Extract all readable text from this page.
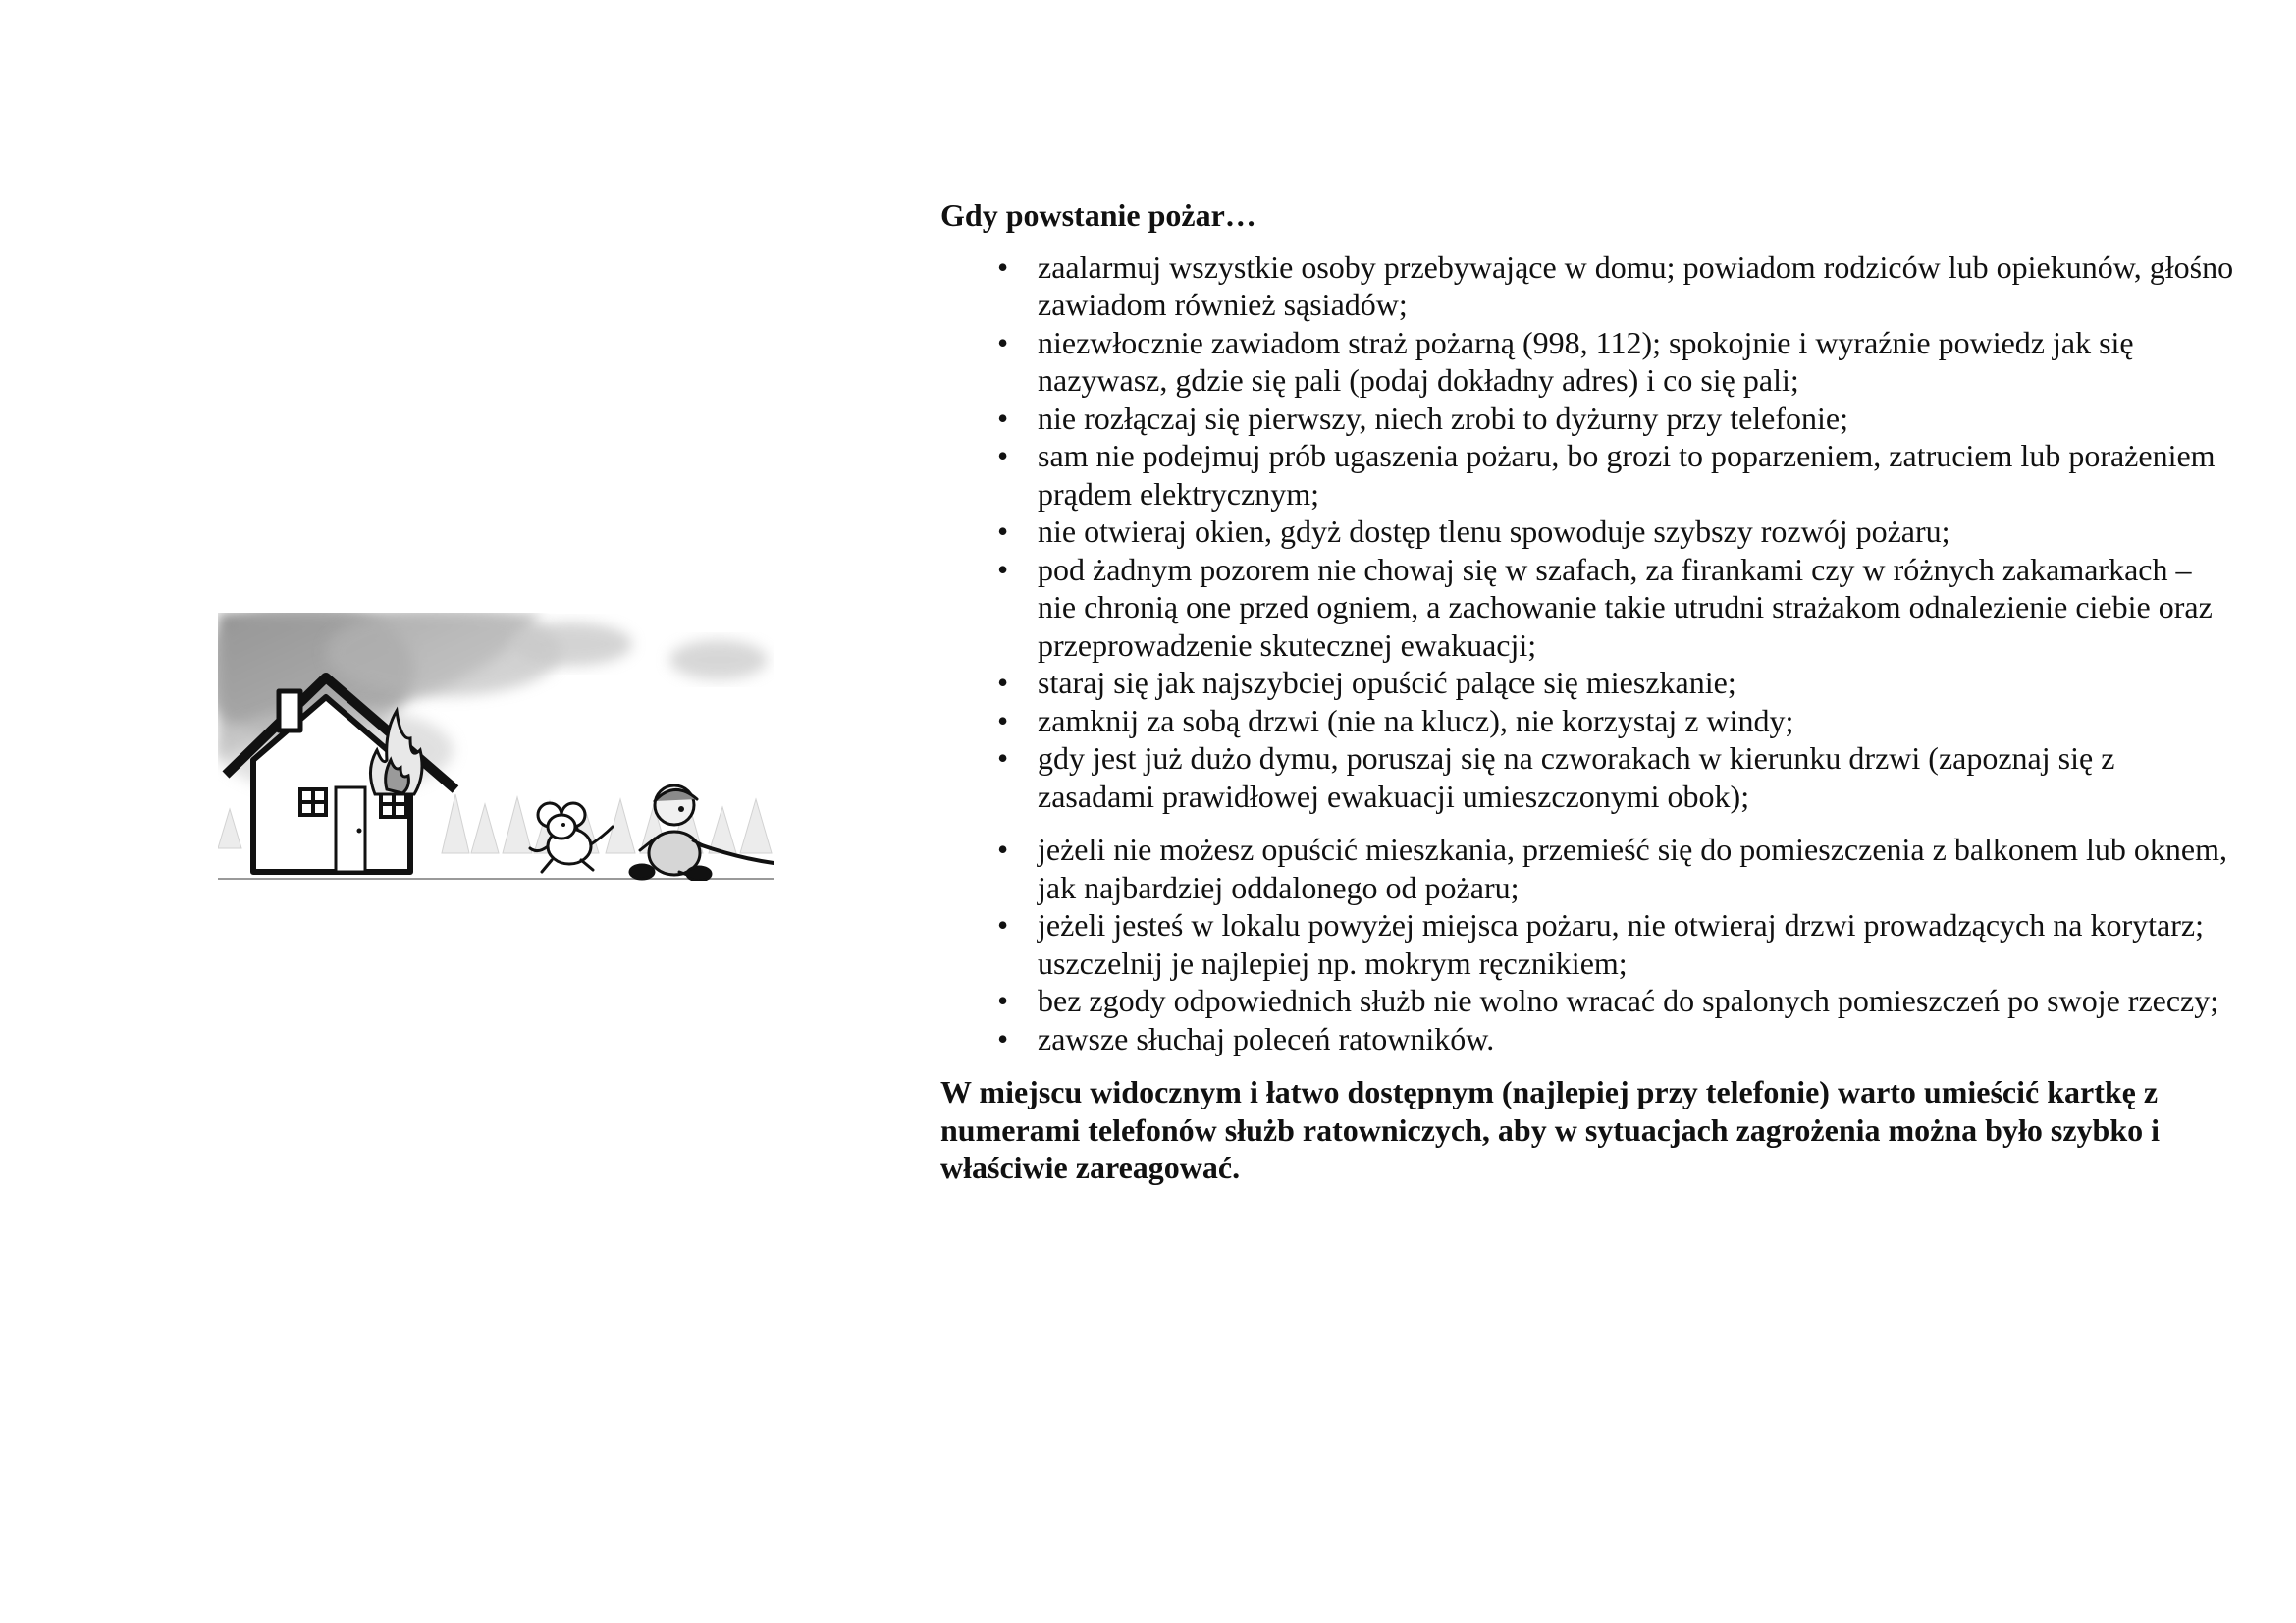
Gdy powstanie pożar…
• zaalarmuj wszystkie osoby przebywające w domu; powiadom rodziców lub opiekunów, głośno zawiadom również sąsiadów;
• niezwłocznie zawiadom straż pożarną (998, 112); spokojnie i wyraźnie powiedz jak się nazywasz, gdzie się pali (podaj dokładny adres) i co się pali;
• nie rozłączaj się pierwszy, niech zrobi to dyżurny przy telefonie;
• sam nie podejmuj prób ugaszenia pożaru, bo grozi to poparzeniem, zatruciem lub porażeniem prądem elektrycznym;
• nie otwieraj okien, gdyż dostęp tlenu spowoduje szybszy rozwój pożaru;
• pod żadnym pozorem nie chowaj się w szafach, za firankami czy w różnych zakamarkach – nie chronią one przed ogniem, a zachowanie takie utrudni strażakom odnalezienie ciebie oraz przeprowadzenie skutecznej ewakuacji;
• staraj się jak najszybciej opuścić palące się mieszkanie;
• zamknij za sobą drzwi (nie na klucz), nie korzystaj z windy;
• gdy jest już dużo dymu, poruszaj się na czworakach w kierunku drzwi (zapoznaj się z zasadami prawidłowej ewakuacji umieszczonymi obok);
• jeżeli nie możesz opuścić mieszkania, przemieść się do pomieszczenia z balkonem lub oknem, jak najbardziej oddalonego od pożaru;
• jeżeli jesteś w lokalu powyżej miejsca pożaru, nie otwieraj drzwi prowadzących na korytarz; uszczelnij je najlepiej np. mokrym ręcznikiem;
• bez zgody odpowiednich służb nie wolno wracać do spalonych pomieszczeń po swoje rzeczy;
• zawsze słuchaj poleceń ratowników.

W miejscu widocznym i łatwo dostępnym (najlepiej przy telefonie) warto umieścić kartkę z numerami telefonów służb ratowniczych, aby w sytuacjach zagrożenia można było szybko i właściwie zareagować.
